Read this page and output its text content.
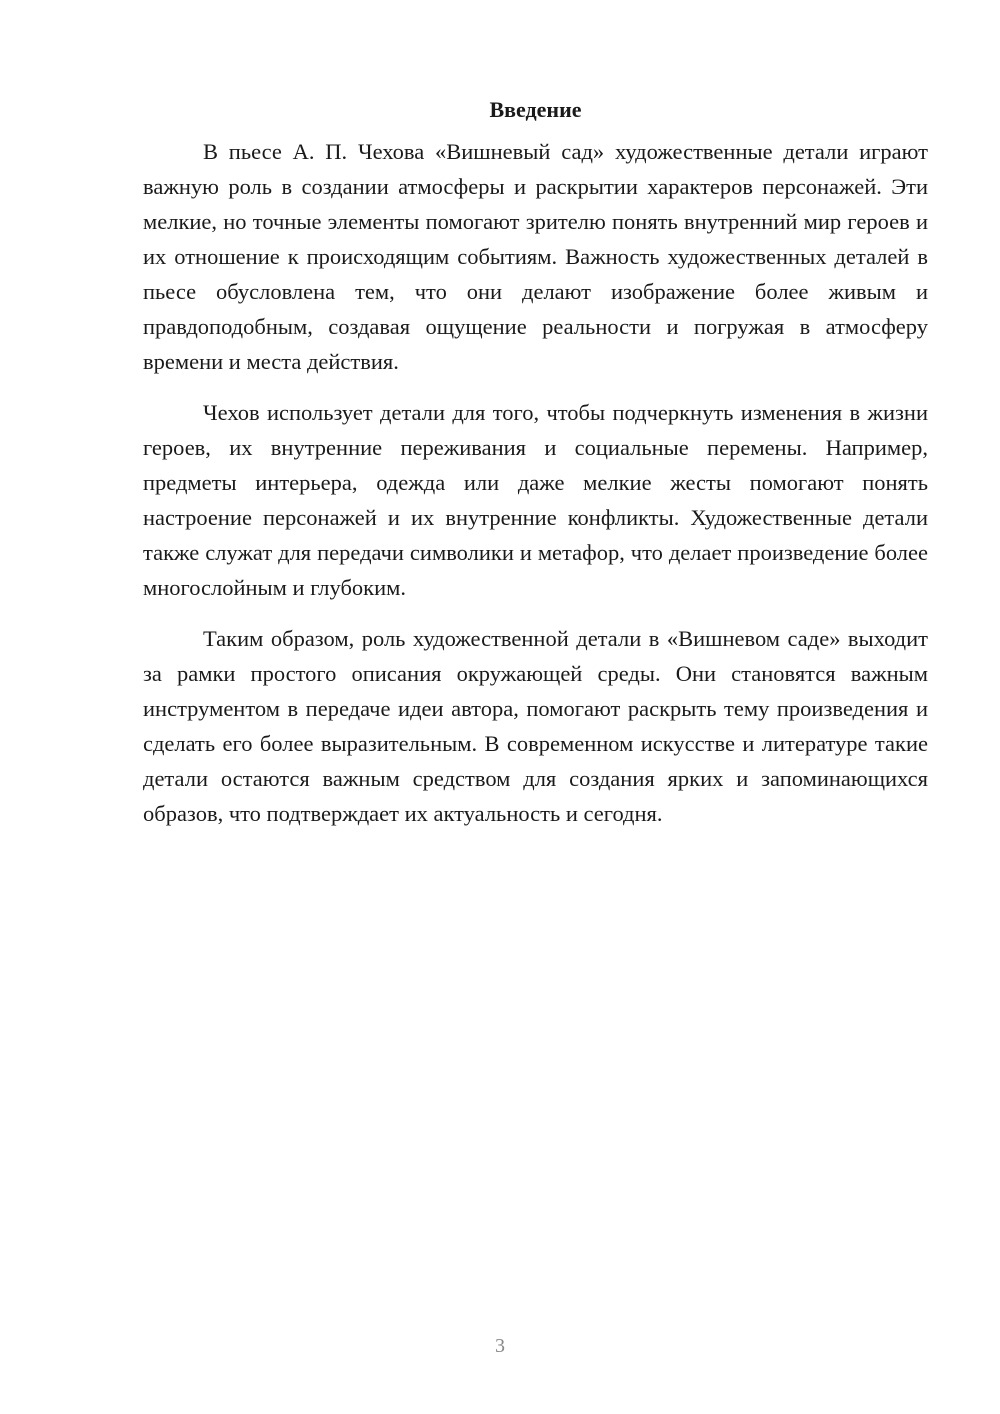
Введение

В пьесе А. П. Чехова «Вишневый сад» художественные детали играют важную роль в создании атмосферы и раскрытии характеров персонажей. Эти мелкие, но точные элементы помогают зрителю понять внутренний мир героев и их отношение к происходящим событиям. Важность художественных деталей в пьесе обусловлена тем, что они делают изображение более живым и правдоподобным, создавая ощущение реальности и погружая в атмосферу времени и места действия.

Чехов использует детали для того, чтобы подчеркнуть изменения в жизни героев, их внутренние переживания и социальные перемены. Например, предметы интерьера, одежда или даже мелкие жесты помогают понять настроение персонажей и их внутренние конфликты. Художественные детали также служат для передачи символики и метафор, что делает произведение более многослойным и глубоким.

Таким образом, роль художественной детали в «Вишневом саде» выходит за рамки простого описания окружающей среды. Они становятся важным инструментом в передаче идеи автора, помогают раскрыть тему произведения и сделать его более выразительным. В современном искусстве и литературе такие детали остаются важным средством для создания ярких и запоминающихся образов, что подтверждает их актуальность и сегодня.

3
